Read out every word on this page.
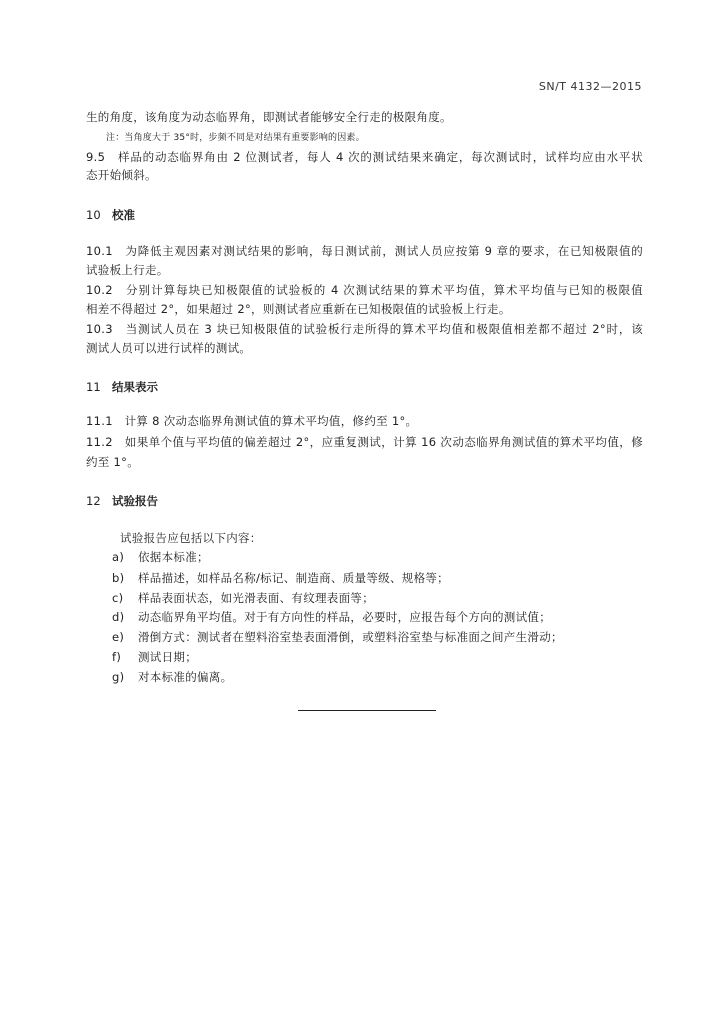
SN/T 4132—2015
生的角度，该角度为动态临界角，即测试者能够安全行走的极限角度。
注：当角度大于 35°时，步频不同是对结果有重要影响的因素。
9.5　样品的动态临界角由 2 位测试者，每人 4 次的测试结果来确定，每次测试时，试样均应由水平状
态开始倾斜。
10 校准
10.1　为降低主观因素对测试结果的影响，每日测试前，测试人员应按第 9 章的要求，在已知极限值的
试验板上行走。
10.2　分别计算每块已知极限值的试验板的 4 次测试结果的算术平均值，算术平均值与已知的极限值
相差不得超过 2°，如果超过 2°，则测试者应重新在已知极限值的试验板上行走。
10.3　当测试人员在 3 块已知极限值的试验板行走所得的算术平均值和极限值相差都不超过 2°时，该
测试人员可以进行试样的测试。
11 结果表示
11.1　计算 8 次动态临界角测试值的算术平均值，修约至 1°。
11.2　如果单个值与平均值的偏差超过 2°，应重复测试，计算 16 次动态临界角测试值的算术平均值，修
约至 1°。
12 试验报告
试验报告应包括以下内容：
a) 依据本标准；
b) 样品描述，如样品名称/标记、制造商、质量等级、规格等；
c) 样品表面状态，如光滑表面、有纹理表面等；
d) 动态临界角平均值。对于有方向性的样品，必要时，应报告每个方向的测试值；
e) 滑倒方式：测试者在塑料浴室垫表面滑倒，或塑料浴室垫与标准面之间产生滑动；
f) 测试日期；
g) 对本标准的偏离。
